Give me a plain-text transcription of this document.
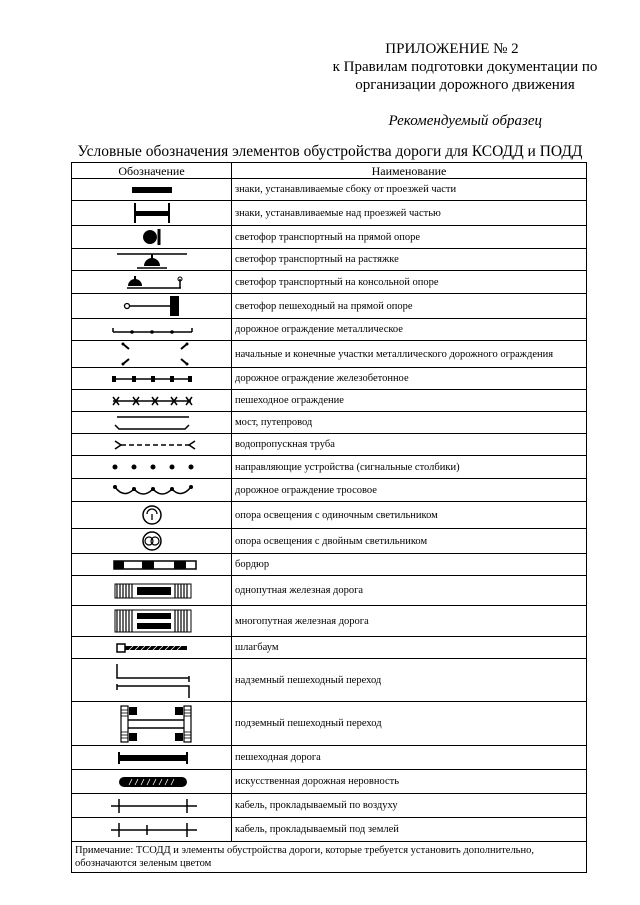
ПРИЛОЖЕНИЕ № 2
к Правилам подготовки документации по
организации дорожного движения
Рекомендуемый образец
Условные обозначения элементов обустройства дороги для КСОДД и ПОДД
Обозначение	Наименование

	знаки, устанавливаемые сбоку от проезжей части

	знаки, устанавливаемые над проезжей частью

	светофор транспортный на прямой опоре

	светофор транспортный на растяжке

	светофор транспортный на консольной опоре

	светофор пешеходный на прямой опоре

	дорожное ограждение металлическое

	начальные и конечные участки металлического дорожного ограждения

	дорожное ограждение железобетонное

	пешеходное ограждение

	мост, путепровод

	водопропускная труба

	направляющие устройства (сигнальные столбики)

	дорожное ограждение тросовое

	опора освещения с одиночным светильником

	опора освещения с двойным светильником

	бордюр

	однопутная железная дорога

	многопутная железная дорога

	шлагбаум

	надземный пешеходный переход

	подземный пешеходный переход

	пешеходная дорога

	искусственная дорожная неровность

	кабель, прокладываемый по воздуху

	кабель, прокладываемый под землей
Примечание: ТСОДД и элементы обустройства дороги, которые требуется установить дополнительно, обозначаются зеленым цветом	
